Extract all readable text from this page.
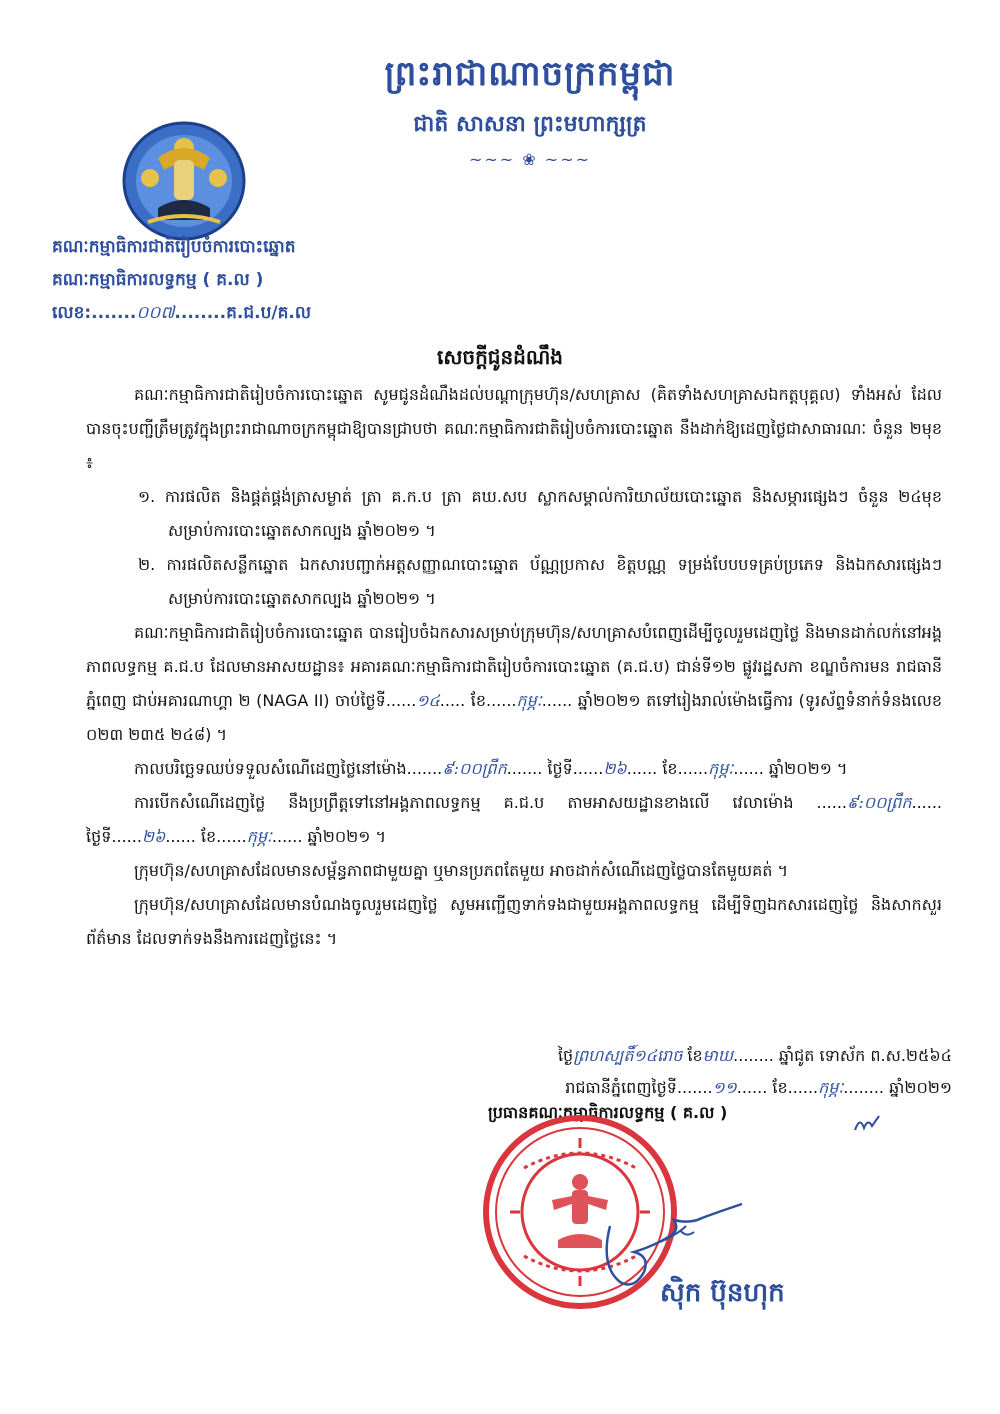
ព្រះរាជាណាចក្រកម្ពុជា
ជាតិ សាសនា ព្រះមហាក្សត្រ
~~~ ❀ ~~~
គណៈកម្មាធិការជាតិរៀបចំការបោះឆ្នោត
គណៈកម្មាធិការលទ្ធកម្ម ( គ.ល )
លេខ:.......០០៧........គ.ជ.ប/គ.ល
សេចក្តីជូនដំណឹង

គណៈកម្មាធិការជាតិរៀបចំការបោះឆ្នោត សូមជូនដំណឹងដល់បណ្តាក្រុមហ៊ុន/សហគ្រាស (គិតទាំងសហគ្រាសឯកត្តបុគ្គល) ទាំងអស់ ដែលបានចុះបញ្ជីត្រឹមត្រូវក្នុងព្រះរាជាណាចក្រកម្ពុជាឱ្យបានជ្រាបថា គណៈកម្មាធិការជាតិរៀបចំការបោះឆ្នោត នឹងដាក់ឱ្យដេញថ្លៃជាសាធារណៈ ចំនួន ២មុខ ៖

១. ការផលិត និងផ្គត់ផ្គង់ត្រាសម្ងាត់ ត្រា គ.ក.ប ត្រា គឃ.សប ស្លាកសម្គាល់ការិយាល័យបោះឆ្នោត និងសម្ភារផ្សេងៗ ចំនួន ២៤មុខ សម្រាប់ការបោះឆ្នោតសាកល្បង ឆ្នាំ២០២១ ។

២. ការផលិតសន្លឹកឆ្នោត ឯកសារបញ្ជាក់អត្តសញ្ញាណបោះឆ្នោត ប័ណ្ណប្រកាស ខិត្តបណ្ណ ទម្រង់បែបបទគ្រប់ប្រភេទ និងឯកសារផ្សេងៗ សម្រាប់ការបោះឆ្នោតសាកល្បង ឆ្នាំ២០២១ ។

គណៈកម្មាធិការជាតិរៀបចំការបោះឆ្នោត បានរៀបចំឯកសារសម្រាប់ក្រុមហ៊ុន/សហគ្រាសបំពេញដើម្បីចូលរួមដេញថ្លៃ និងមានដាក់លក់នៅអង្គភាពលទ្ធកម្ម គ.ជ.ប ដែលមានអាសយដ្ឋាន៖ អគារគណៈកម្មាធិការជាតិរៀបចំការបោះឆ្នោត (គ.ជ.ប) ជាន់ទី១២ ផ្លូវរដ្ឋសភា ខណ្ឌចំការមន រាជធានីភ្នំពេញ ជាប់អគារណាហ្គា ២ (NAGA II) ចាប់ថ្ងៃទី......១៤..... ខែ......កុម្ភៈ...... ឆ្នាំ២០២១ តទៅរៀងរាល់ម៉ោងធ្វើការ (ទូរស័ព្ទទំនាក់ទំនងលេខ ០២៣ ២៣៥ ២៤៨) ។

កាលបរិច្ឆេទឈប់ទទួលសំណើដេញថ្លៃនៅម៉ោង.......៩:០០ព្រឹក....... ថ្ងៃទី......២៦...... ខែ......កុម្ភៈ...... ឆ្នាំ២០២១ ។

ការបើកសំណើដេញថ្លៃ នឹងប្រព្រឹត្តទៅនៅអង្គភាពលទ្ធកម្ម គ.ជ.ប តាមអាសយដ្ឋានខាងលើ វេលាម៉ោង ......៩:០០ព្រឹក...... ថ្ងៃទី......២៦...... ខែ......កុម្ភៈ...... ឆ្នាំ២០២១ ។

ក្រុមហ៊ុន/សហគ្រាសដែលមានសម្ព័ន្ធភាពជាមួយគ្នា ឬមានប្រភពតែមួយ អាចដាក់សំណើដេញថ្លៃបានតែមួយគត់ ។

ក្រុមហ៊ុន/សហគ្រាសដែលមានបំណងចូលរួមដេញថ្លៃ សូមអញ្ជើញទាក់ទងជាមួយអង្គភាពលទ្ធកម្ម ដើម្បីទិញឯកសារដេញថ្លៃ និងសាកសួរព័ត៌មាន ដែលទាក់ទងនឹងការដេញថ្លៃនេះ ។

ថ្ងៃព្រហស្បតិ៍១៤រោច ខែមាឃ........ ឆ្នាំជូត ទោស័ក ព.ស.២៥៦៤
រាជធានីភ្នំពេញថ្ងៃទី.......១១...... ខែ......កុម្ភៈ........ ឆ្នាំ២០២១
ប្រធានគណៈកម្មាធិការលទ្ធកម្ម ( គ.ល )
ស៊ិក ប៊ុនហុក
